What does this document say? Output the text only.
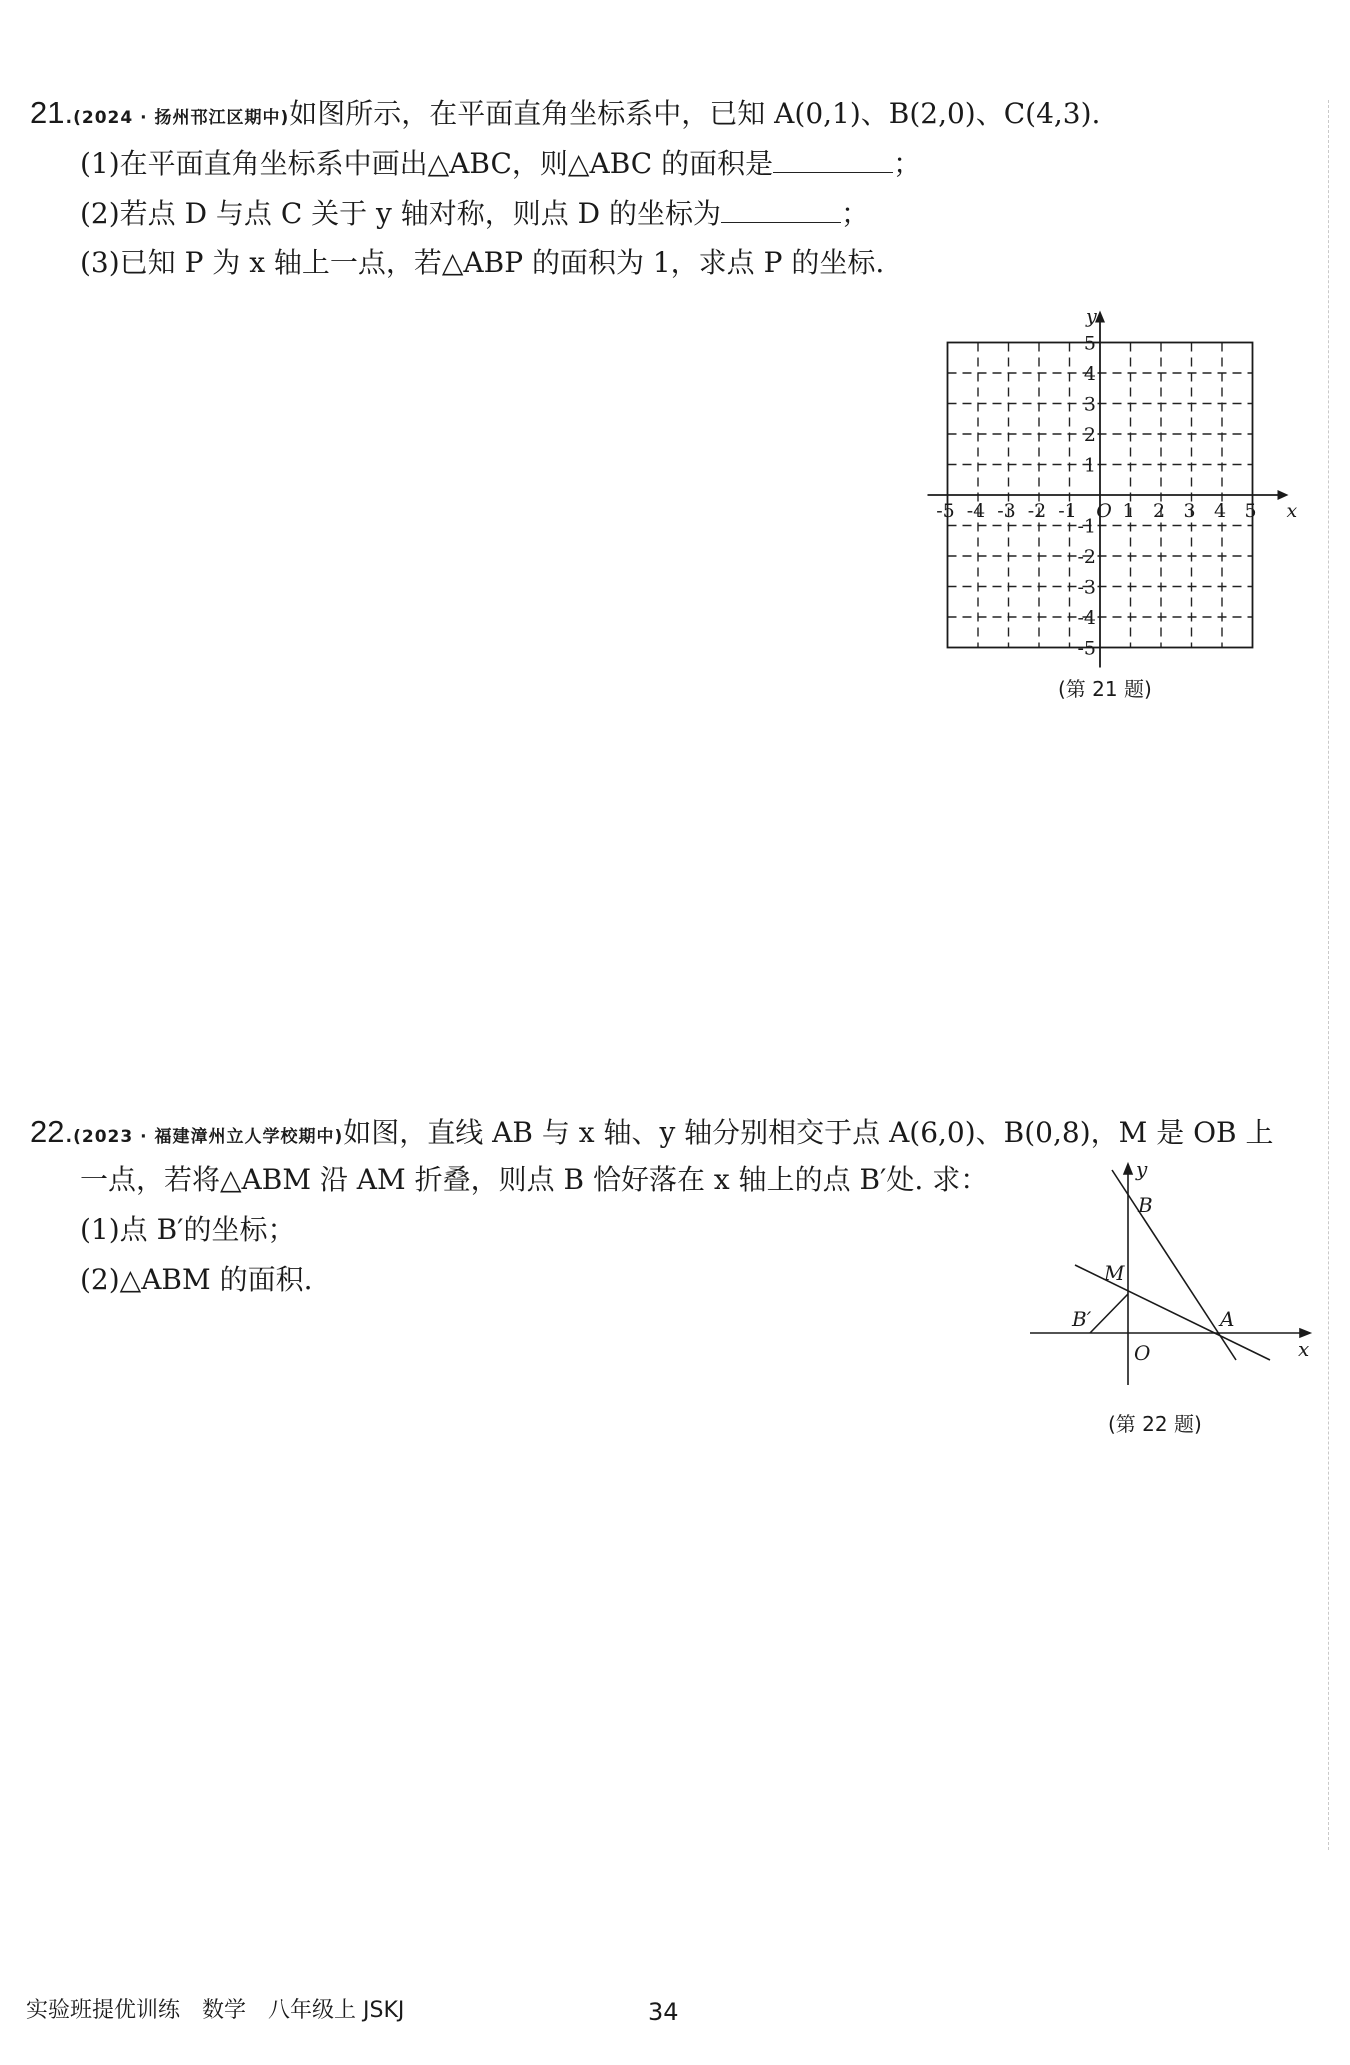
21.(2024 · 扬州邗江区期中)如图所示，在平面直角坐标系中，已知 A(0,1)、B(2,0)、C(4,3).
(1)在平面直角坐标系中画出△ABC，则△ABC 的面积是	；
(2)若点 D 与点 C 关于 y 轴对称，则点 D 的坐标为	；
(3)已知 P 为 x 轴上一点，若△ABP 的面积为 1，求点 P 的坐标.
-5 -4 -3 -2 -1 O 1 2 3 4 5
5
4
3
2
1
-1
-2
-3
-4
-5
x
y
(第 21 题)
22.(2023 · 福建漳州立人学校期中)如图，直线 AB 与 x 轴、y 轴分别相交于点 A(6,0)、B(0,8)，M 是 OB 上
一点，若将△ABM 沿 AM 折叠，则点 B 恰好落在 x 轴上的点 B′处. 求：
(1)点 B′的坐标；
(2)△ABM 的面积.
y
B
M
B′
O
A
x
(第 22 题)
实验班提优训练　数学　八年级上 JSKJ	34
